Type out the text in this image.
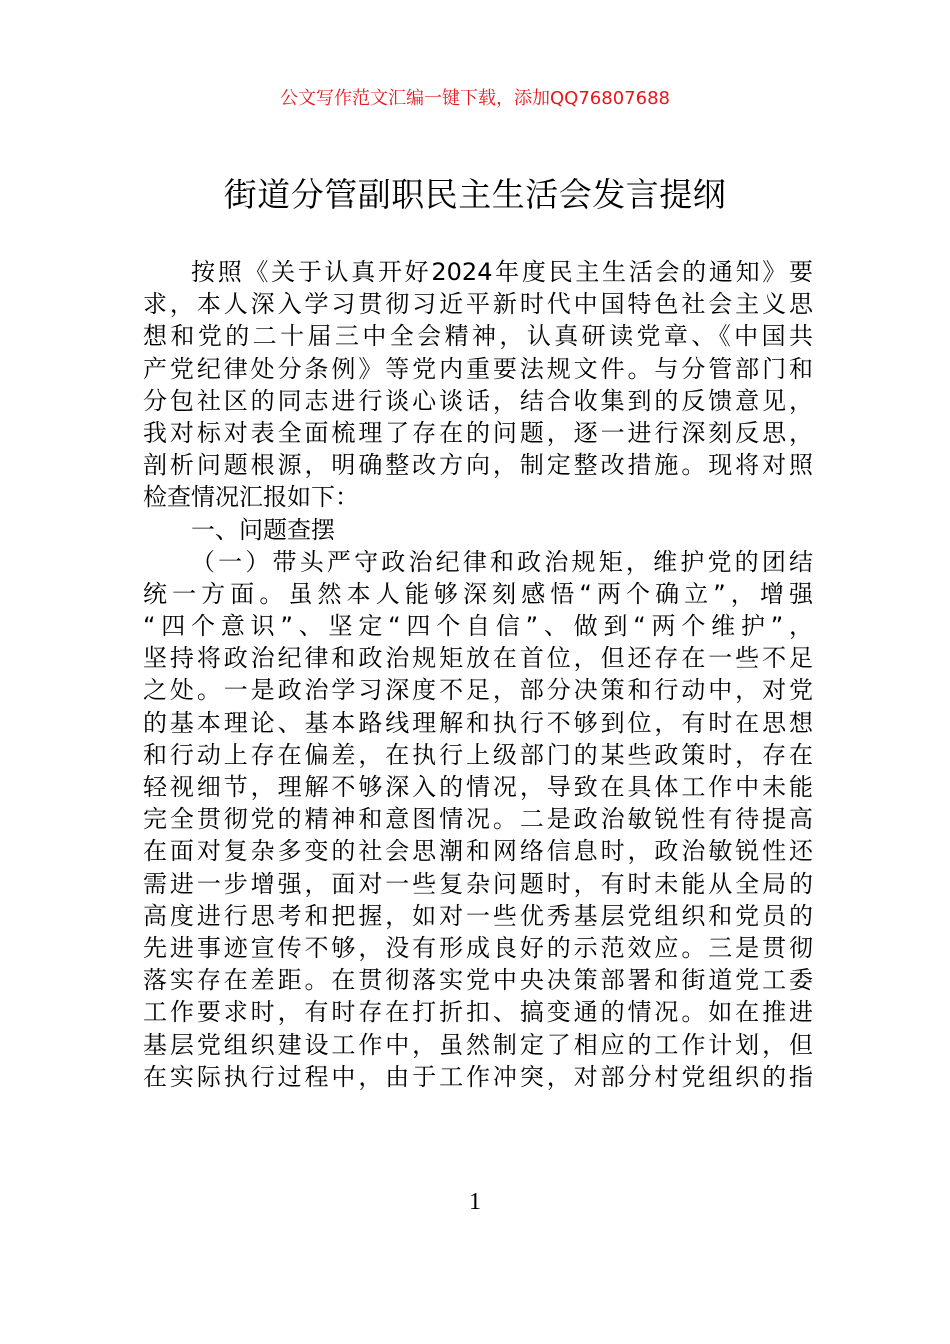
公文写作范文汇编一键下载，添加QQ76807688
街道分管副职民主生活会发言提纲
按照《关于认真开好2024年度民主生活会的通知》要
求，本人深入学习贯彻习近平新时代中国特色社会主义思
想和党的二十届三中全会精神，认真研读党章、《中国共
产党纪律处分条例》等党内重要法规文件。与分管部门和
分包社区的同志进行谈心谈话，结合收集到的反馈意见，
我对标对表全面梳理了存在的问题，逐一进行深刻反思，
剖析问题根源，明确整改方向，制定整改措施。现将对照
检查情况汇报如下：
一、问题查摆
（一）带头严守政治纪律和政治规矩，维护党的团结
统一方面。虽然本人能够深刻感悟“两个确立”，增强
“四个意识”、坚定“四个自信”、做到“两个维护”，
坚持将政治纪律和政治规矩放在首位，但还存在一些不足
之处。一是政治学习深度不足，部分决策和行动中，对党
的基本理论、基本路线理解和执行不够到位，有时在思想
和行动上存在偏差，在执行上级部门的某些政策时，存在
轻视细节，理解不够深入的情况，导致在具体工作中未能
完全贯彻党的精神和意图情况。二是政治敏锐性有待提高
在面对复杂多变的社会思潮和网络信息时，政治敏锐性还
需进一步增强，面对一些复杂问题时，有时未能从全局的
高度进行思考和把握，如对一些优秀基层党组织和党员的
先进事迹宣传不够，没有形成良好的示范效应。三是贯彻
落实存在差距。在贯彻落实党中央决策部署和街道党工委
工作要求时，有时存在打折扣、搞变通的情况。如在推进
基层党组织建设工作中，虽然制定了相应的工作计划，但
在实际执行过程中，由于工作冲突，对部分村党组织的指
1
